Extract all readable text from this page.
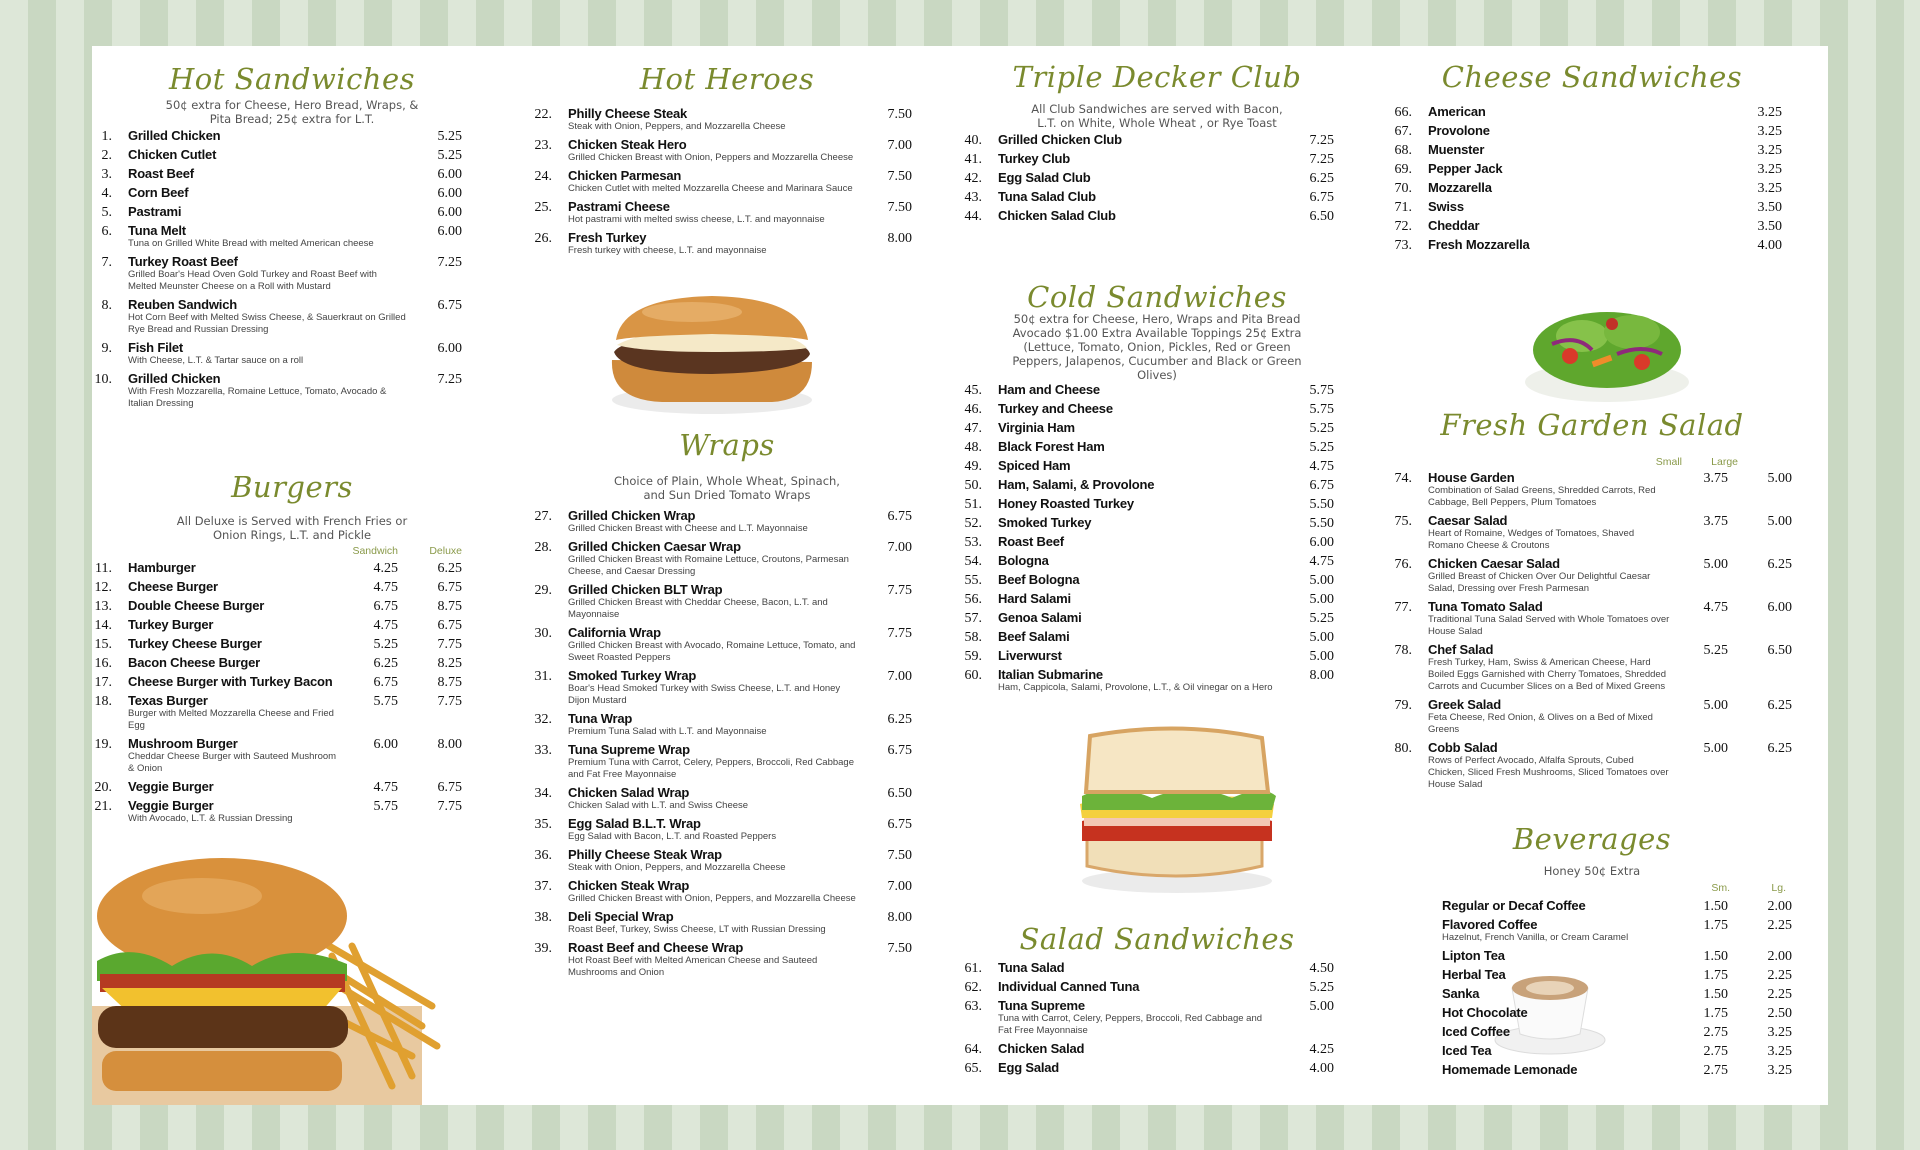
Hot Sandwiches
50¢ extra for Cheese, Hero Bread, Wraps, & Pita Bread; 25¢ extra for L.T.
1.	Grilled Chicken	5.25
2.	Chicken Cutlet	5.25
3.	Roast Beef	6.00
4.	Corn Beef	6.00
5.	Pastrami	6.00
6.	Tuna Melt
Tuna on Grilled White Bread with melted American cheese
6.00
7.	Turkey Roast Beef
Grilled Boar's Head Oven Gold Turkey and Roast Beef with Melted Meunster Cheese on a Roll with Mustard
7.25
8.	Reuben Sandwich
Hot Corn Beef with Melted Swiss Cheese, & Sauerkraut on Grilled Rye Bread and Russian Dressing
6.75
9.	Fish Filet
With Cheese, L.T. & Tartar sauce on a roll
6.00
10.	Grilled Chicken
With Fresh Mozzarella, Romaine Lettuce, Tomato, Avocado & Italian Dressing
7.25
Burgers
All Deluxe is Served with French Fries or Onion Rings, L.T. and Pickle
Sandwich	Deluxe
11.	Hamburger	4.25	6.25
12.	Cheese Burger	4.75	6.75
13.	Double Cheese Burger	6.75	8.75
14.	Turkey Burger	4.75	6.75
15.	Turkey Cheese Burger	5.25	7.75
16.	Bacon Cheese Burger	6.25	8.25
17.	Cheese Burger with Turkey Bacon	6.75	8.75
18.	Texas Burger
Burger with Melted Mozzarella Cheese and Fried Egg
5.75	7.75
19.	Mushroom Burger
Cheddar Cheese Burger with Sauteed Mushroom & Onion
6.00	8.00
20.	Veggie Burger	4.75	6.75
21.	Veggie Burger
With Avocado, L.T. & Russian Dressing
5.75	7.75
Hot Heroes
22.	Philly Cheese Steak
Steak with Onion, Peppers, and Mozzarella Cheese
7.50
23.	Chicken Steak Hero
Grilled Chicken Breast with Onion, Peppers and Mozzarella Cheese
7.00
24.	Chicken Parmesan
Chicken Cutlet with melted Mozzarella Cheese and Marinara Sauce
7.50
25.	Pastrami Cheese
Hot pastrami with melted swiss cheese, L.T. and mayonnaise
7.50
26.	Fresh Turkey
Fresh turkey with cheese, L.T. and mayonnaise
8.00
Wraps
Choice of Plain, Whole Wheat, Spinach, and Sun Dried Tomato Wraps
27.	Grilled Chicken Wrap
Grilled Chicken Breast with Cheese and L.T. Mayonnaise
6.75
28.	Grilled Chicken Caesar Wrap
Grilled Chicken Breast with Romaine Lettuce, Croutons, Parmesan Cheese, and Caesar Dressing
7.00
29.	Grilled Chicken BLT Wrap
Grilled Chicken Breast with Cheddar Cheese, Bacon, L.T. and Mayonnaise
7.75
30.	California Wrap
Grilled Chicken Breast with Avocado, Romaine Lettuce, Tomato, and Sweet Roasted Peppers
7.75
31.	Smoked Turkey Wrap
Boar's Head Smoked Turkey with Swiss Cheese, L.T. and Honey Dijon Mustard
7.00
32.	Tuna Wrap
Premium Tuna Salad with L.T. and Mayonnaise
6.25
33.	Tuna Supreme Wrap
Premium Tuna with Carrot, Celery, Peppers, Broccoli, Red Cabbage and Fat Free Mayonnaise
6.75
34.	Chicken Salad Wrap
Chicken Salad with L.T. and Swiss Cheese
6.50
35.	Egg Salad B.L.T. Wrap
Egg Salad with Bacon, L.T. and Roasted Peppers
6.75
36.	Philly Cheese Steak Wrap
Steak with Onion, Peppers, and Mozzarella Cheese
7.50
37.	Chicken Steak Wrap
Grilled Chicken Breast with Onion, Peppers, and Mozzarella Cheese
7.00
38.	Deli Special Wrap
Roast Beef, Turkey, Swiss Cheese, LT with Russian Dressing
8.00
39.	Roast Beef and Cheese Wrap
Hot Roast Beef with Melted American Cheese and Sauteed Mushrooms and Onion
7.50
Triple Decker Club
All Club Sandwiches are served with Bacon, L.T. on White, Whole Wheat , or Rye Toast
40.	Grilled Chicken Club	7.25
41.	Turkey Club	7.25
42.	Egg Salad Club	6.25
43.	Tuna Salad Club	6.75
44.	Chicken Salad Club	6.50
Cold Sandwiches
50¢ extra for Cheese, Hero, Wraps and Pita Bread Avocado $1.00 Extra Available Toppings 25¢ Extra (Lettuce, Tomato, Onion, Pickles, Red or Green Peppers, Jalapenos, Cucumber and Black or Green Olives)
45.	Ham and Cheese	5.75
46.	Turkey and Cheese	5.75
47.	Virginia Ham	5.25
48.	Black Forest Ham	5.25
49.	Spiced Ham	4.75
50.	Ham, Salami, & Provolone	6.75
51.	Honey Roasted Turkey	5.50
52.	Smoked Turkey	5.50
53.	Roast Beef	6.00
54.	Bologna	4.75
55.	Beef Bologna	5.00
56.	Hard Salami	5.00
57.	Genoa Salami	5.25
58.	Beef Salami	5.00
59.	Liverwurst	5.00
60.	Italian Submarine
Ham, Cappicola, Salami, Provolone, L.T., & Oil vinegar on a Hero
8.00
Salad Sandwiches
61.	Tuna Salad	4.50
62.	Individual Canned Tuna	5.25
63.	Tuna Supreme
Tuna with Carrot, Celery, Peppers, Broccoli, Red Cabbage and Fat Free Mayonnaise
5.00
64.	Chicken Salad	4.25
65.	Egg Salad	4.00
Cheese Sandwiches
66.	American	3.25
67.	Provolone	3.25
68.	Muenster	3.25
69.	Pepper Jack	3.25
70.	Mozzarella	3.25
71.	Swiss	3.50
72.	Cheddar	3.50
73.	Fresh Mozzarella	4.00
Fresh Garden Salad
Small	Large
74.	House Garden
Combination of Salad Greens, Shredded Carrots, Red Cabbage, Bell Peppers, Plum Tomatoes
3.75	5.00
75.	Caesar Salad
Heart of Romaine, Wedges of Tomatoes, Shaved Romano Cheese & Croutons
3.75	5.00
76.	Chicken Caesar Salad
Grilled Breast of Chicken Over Our Delightful Caesar Salad, Dressing over Fresh Parmesan
5.00	6.25
77.	Tuna Tomato Salad
Traditional Tuna Salad Served with Whole Tomatoes over House Salad
4.75	6.00
78.	Chef Salad
Fresh Turkey, Ham, Swiss & American Cheese, Hard Boiled Eggs Garnished with Cherry Tomatoes, Shredded Carrots and Cucumber Slices on a Bed of Mixed Greens
5.25	6.50
79.	Greek Salad
Feta Cheese, Red Onion, & Olives on a Bed of Mixed Greens
5.00	6.25
80.	Cobb Salad
Rows of Perfect Avocado, Alfalfa Sprouts, Cubed Chicken, Sliced Fresh Mushrooms, Sliced Tomatoes over House Salad
5.00	6.25
Beverages
Honey 50¢ Extra
Sm.	Lg.
Regular or Decaf Coffee	1.50	2.00
Flavored Coffee
Hazelnut, French Vanilla, or Cream Caramel
1.75	2.25
Lipton Tea	1.50	2.00
Herbal Tea	1.75	2.25
Sanka	1.50	2.25
Hot Chocolate	1.75	2.50
Iced Coffee	2.75	3.25
Iced Tea	2.75	3.25
Homemade Lemonade	2.75	3.25
